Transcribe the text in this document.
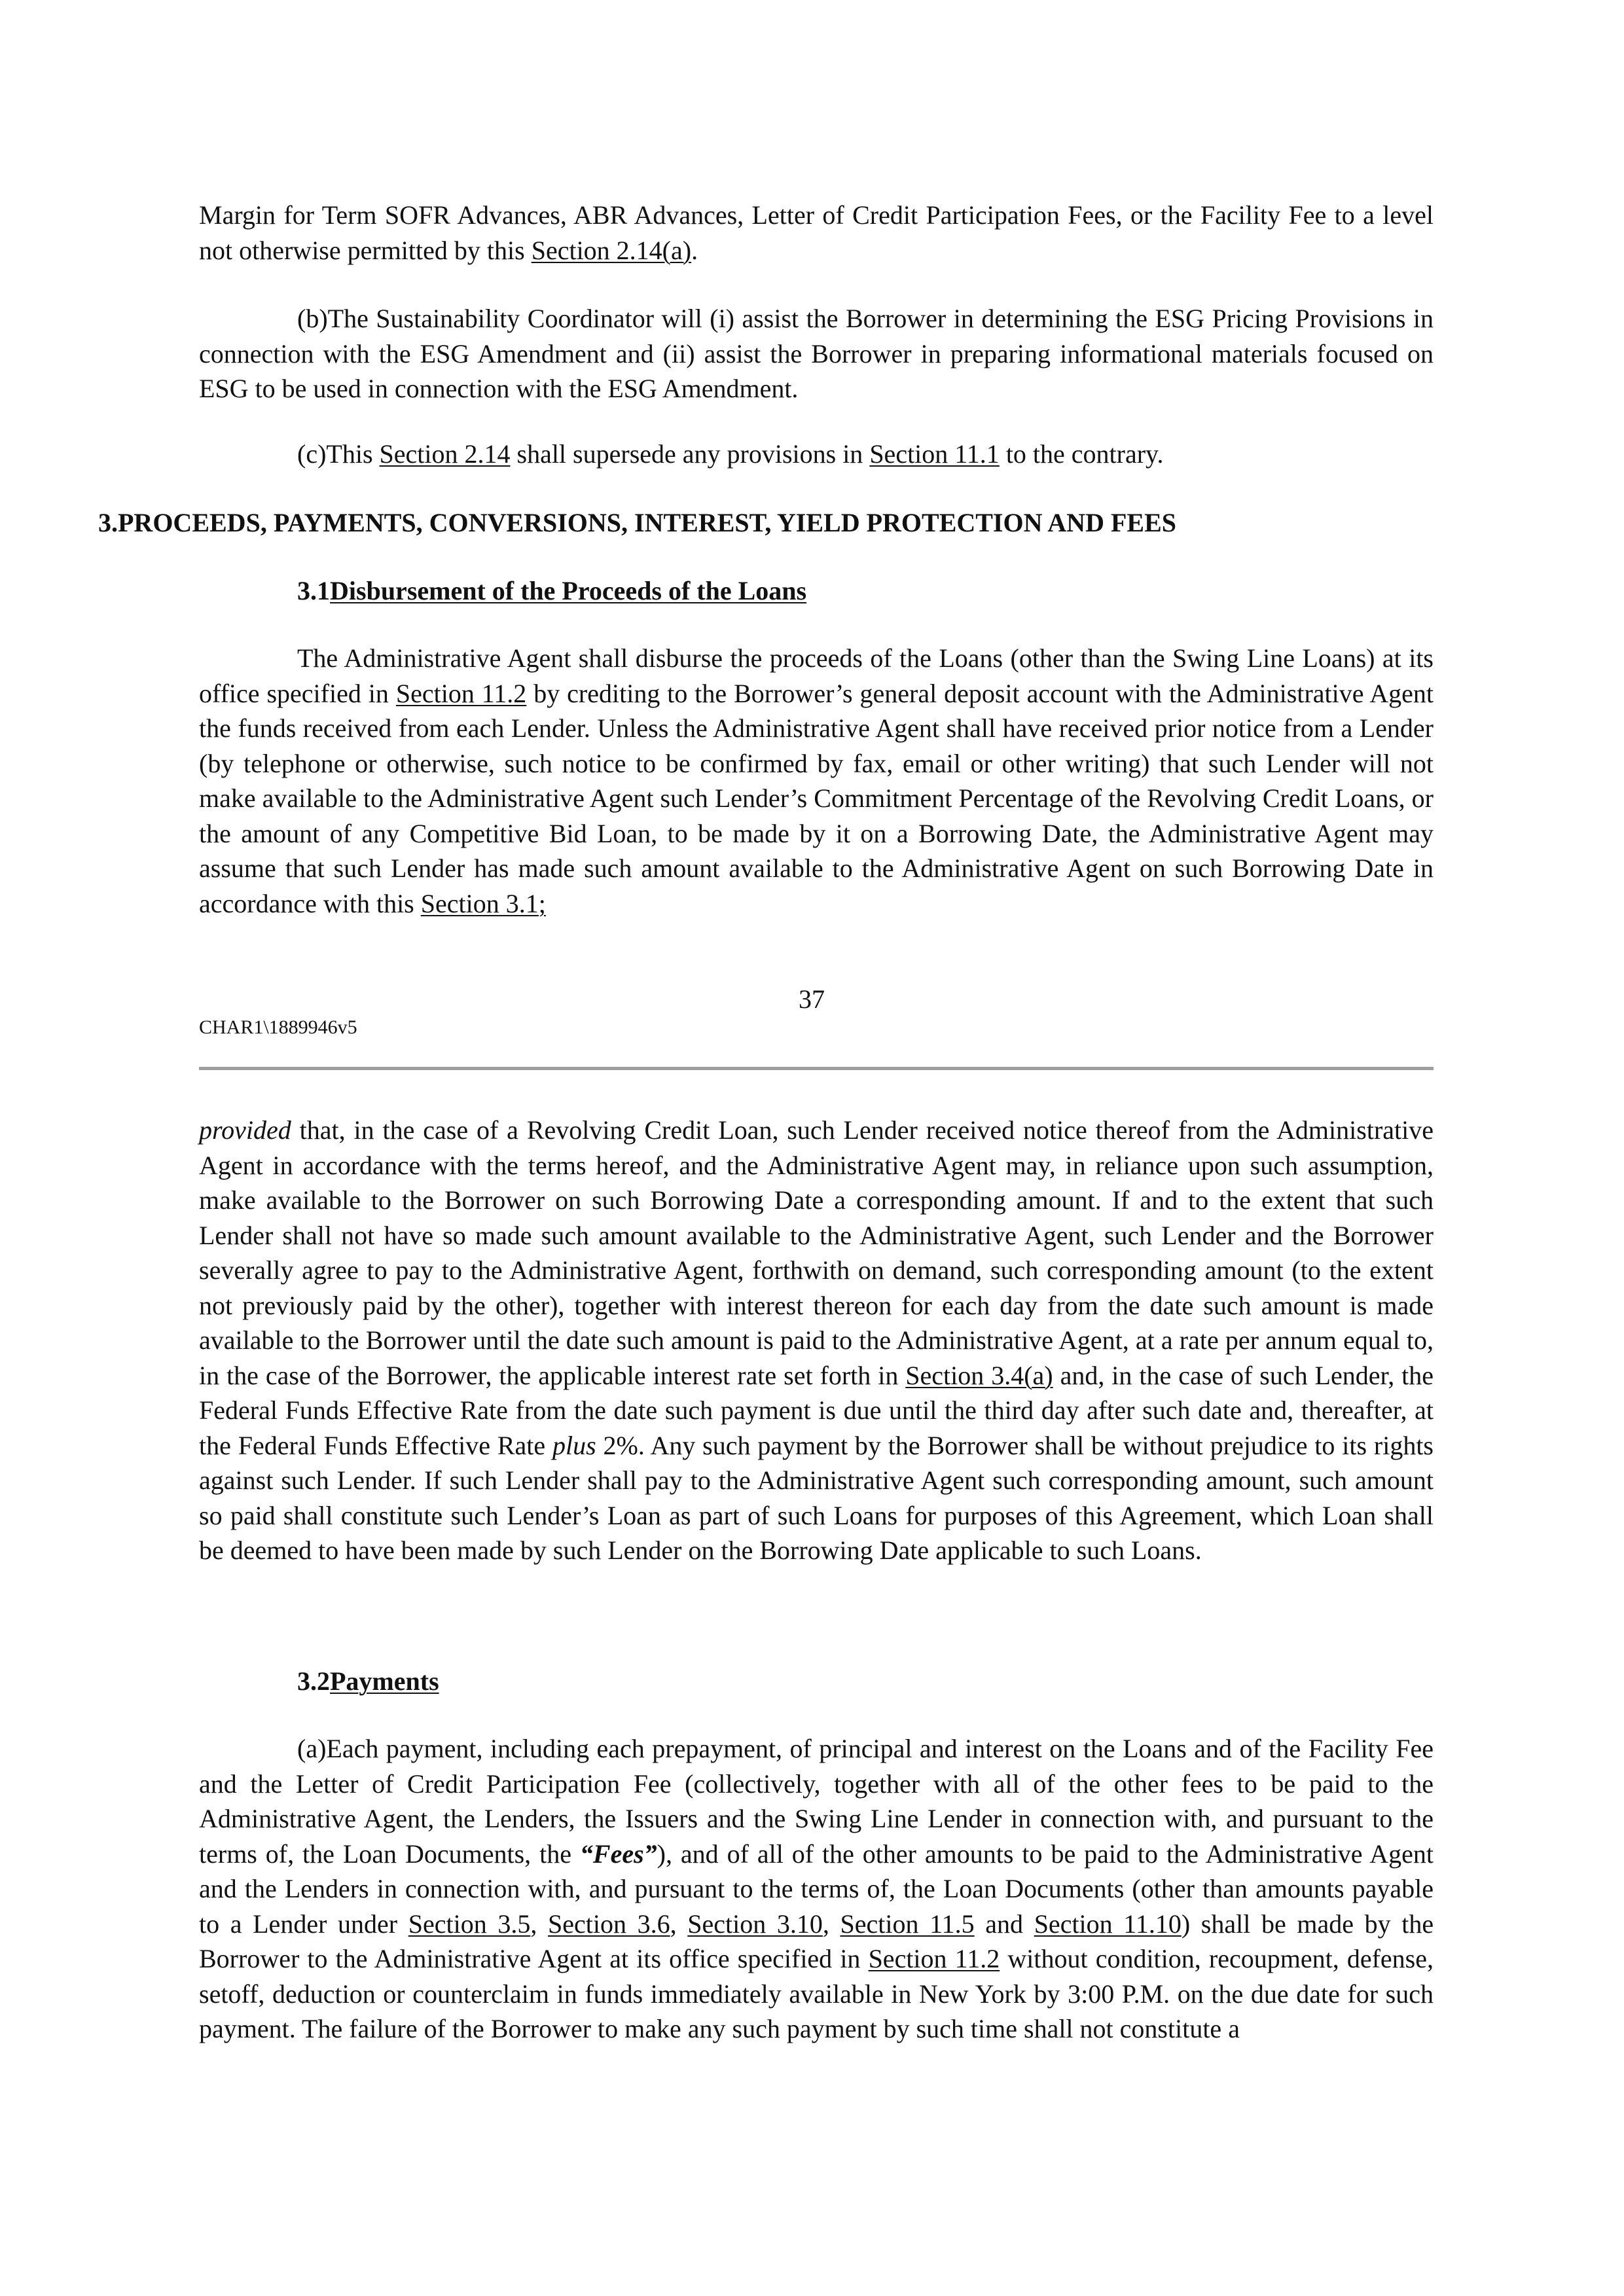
Margin for Term SOFR Advances, ABR Advances, Letter of Credit Participation Fees, or the Facility Fee to a level not otherwise permitted by this Section 2.14(a).

(b)The Sustainability Coordinator will (i) assist the Borrower in determining the ESG Pricing Provisions in connection with the ESG Amendment and (ii) assist the Borrower in preparing informational materials focused on ESG to be used in connection with the ESG Amendment.

(c)This Section 2.14 shall supersede any provisions in Section 11.1 to the contrary.

3.PROCEEDS, PAYMENTS, CONVERSIONS, INTEREST, YIELD PROTECTION AND FEES
3.1Disbursement of the Proceeds of the Loans

The Administrative Agent shall disburse the proceeds of the Loans (other than the Swing Line Loans) at its office specified in Section 11.2 by crediting to the Borrower’s general deposit account with the Administrative Agent the funds received from each Lender. Unless the Administrative Agent shall have received prior notice from a Lender (by telephone or otherwise, such notice to be confirmed by fax, email or other writing) that such Lender will not make available to the Administrative Agent such Lender’s Commitment Percentage of the Revolving Credit Loans, or the amount of any Competitive Bid Loan, to be made by it on a Borrowing Date, the Administrative Agent may assume that such Lender has made such amount available to the Administrative Agent on such Borrowing Date in accordance with this Section 3.1;

37
CHAR1\1889946v5

provided that, in the case of a Revolving Credit Loan, such Lender received notice thereof from the Administrative Agent in accordance with the terms hereof, and the Administrative Agent may, in reliance upon such assumption, make available to the Borrower on such Borrowing Date a corresponding amount. If and to the extent that such Lender shall not have so made such amount available to the Administrative Agent, such Lender and the Borrower severally agree to pay to the Administrative Agent, forthwith on demand, such corresponding amount (to the extent not previously paid by the other), together with interest thereon for each day from the date such amount is made available to the Borrower until the date such amount is paid to the Administrative Agent, at a rate per annum equal to, in the case of the Borrower, the applicable interest rate set forth in Section 3.4(a) and, in the case of such Lender, the Federal Funds Effective Rate from the date such payment is due until the third day after such date and, thereafter, at the Federal Funds Effective Rate plus 2%. Any such payment by the Borrower shall be without prejudice to its rights against such Lender. If such Lender shall pay to the Administrative Agent such corresponding amount, such amount so paid shall constitute such Lender’s Loan as part of such Loans for purposes of this Agreement, which Loan shall be deemed to have been made by such Lender on the Borrowing Date applicable to such Loans.

3.2Payments

(a)Each payment, including each prepayment, of principal and interest on the Loans and of the Facility Fee and the Letter of Credit Participation Fee (collectively, together with all of the other fees to be paid to the Administrative Agent, the Lenders, the Issuers and the Swing Line Lender in connection with, and pursuant to the terms of, the Loan Documents, the “Fees”), and of all of the other amounts to be paid to the Administrative Agent and the Lenders in connection with, and pursuant to the terms of, the Loan Documents (other than amounts payable to a Lender under Section 3.5, Section 3.6, Section 3.10, Section 11.5 and Section 11.10) shall be made by the Borrower to the Administrative Agent at its office specified in Section 11.2 without condition, recoupment, defense, setoff, deduction or counterclaim in funds immediately available in New York by 3:00 P.M. on the due date for such payment. The failure of the Borrower to make any such payment by such time shall not constitute a
